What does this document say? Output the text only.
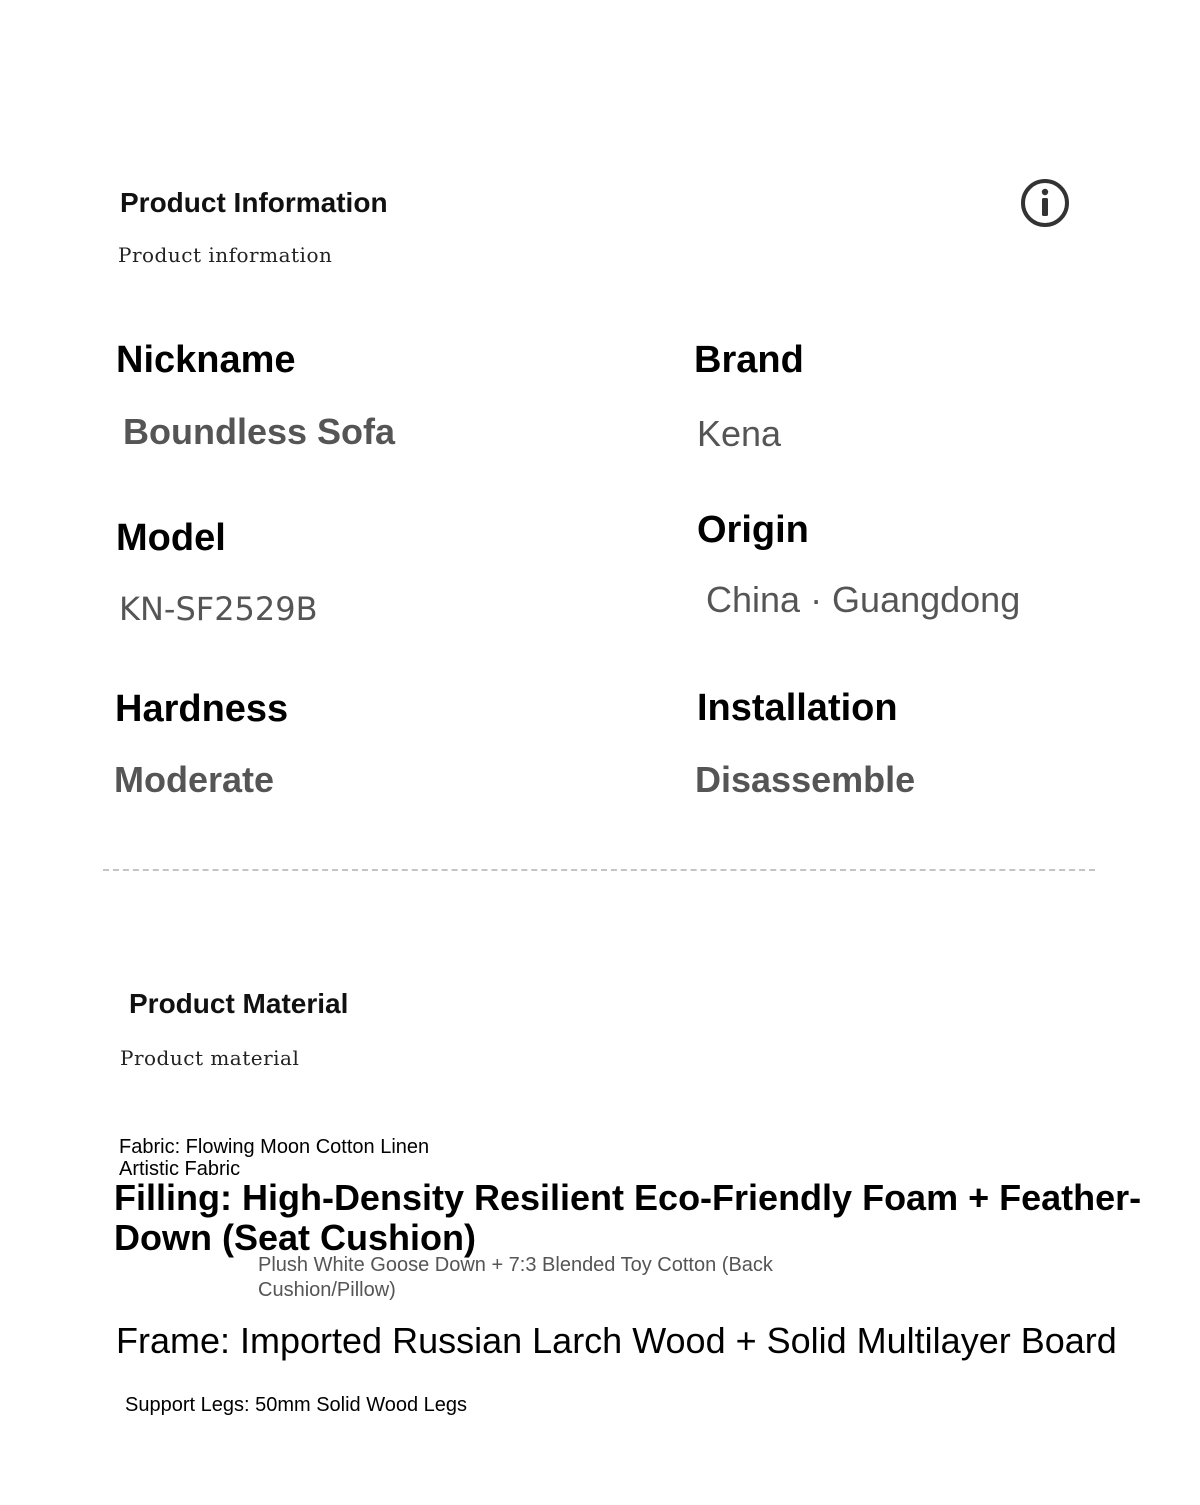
Product Information
Product information
Nickname
Boundless Sofa
Brand
Kena
Model
KN-SF2529B
Origin
China · Guangdong
Hardness
Moderate
Installation
Disassemble
Product Material
Product material
Fabric: Flowing Moon Cotton Linen Artistic Fabric
Filling: High-Density Resilient Eco-Friendly Foam + Feather-Down (Seat Cushion)
Plush White Goose Down + 7:3 Blended Toy Cotton (Back Cushion/Pillow)
Frame: Imported Russian Larch Wood + Solid Multilayer Board
Support Legs: 50mm Solid Wood Legs
